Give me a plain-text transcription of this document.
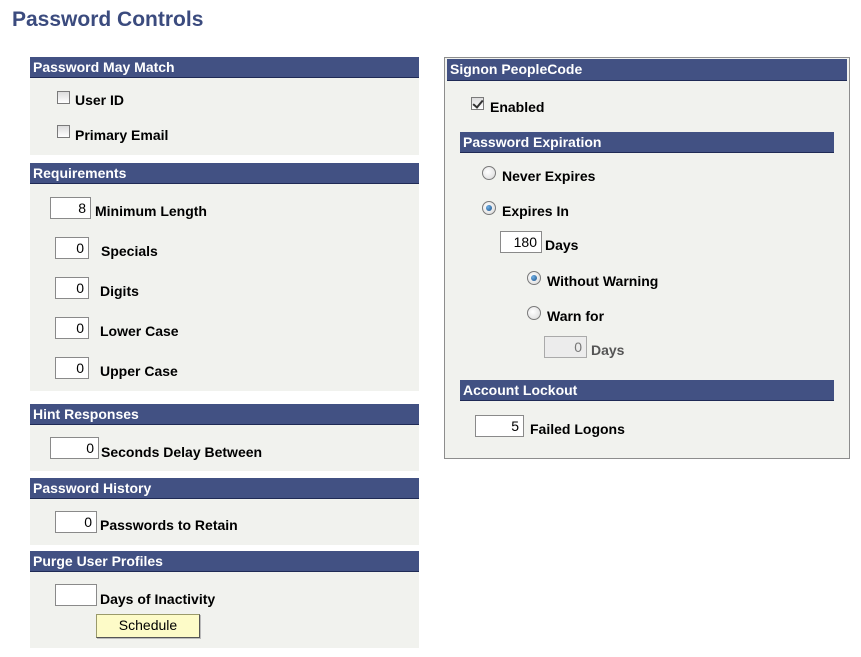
Password Controls
Password May Match
User ID
Primary Email
Requirements
8 Minimum Length
0	Specials
0	Digits
0	Lower Case
0	Upper Case
Hint Responses
0 Seconds Delay Between
Password History
0 Passwords to Retain
Purge User Profiles
Days of Inactivity
Schedule
Signon PeopleCode
Enabled
Password Expiration
Never Expires
Expires In
180 Days
Without Warning
Warn for
0 Days
Account Lockout
5 Failed Logons
